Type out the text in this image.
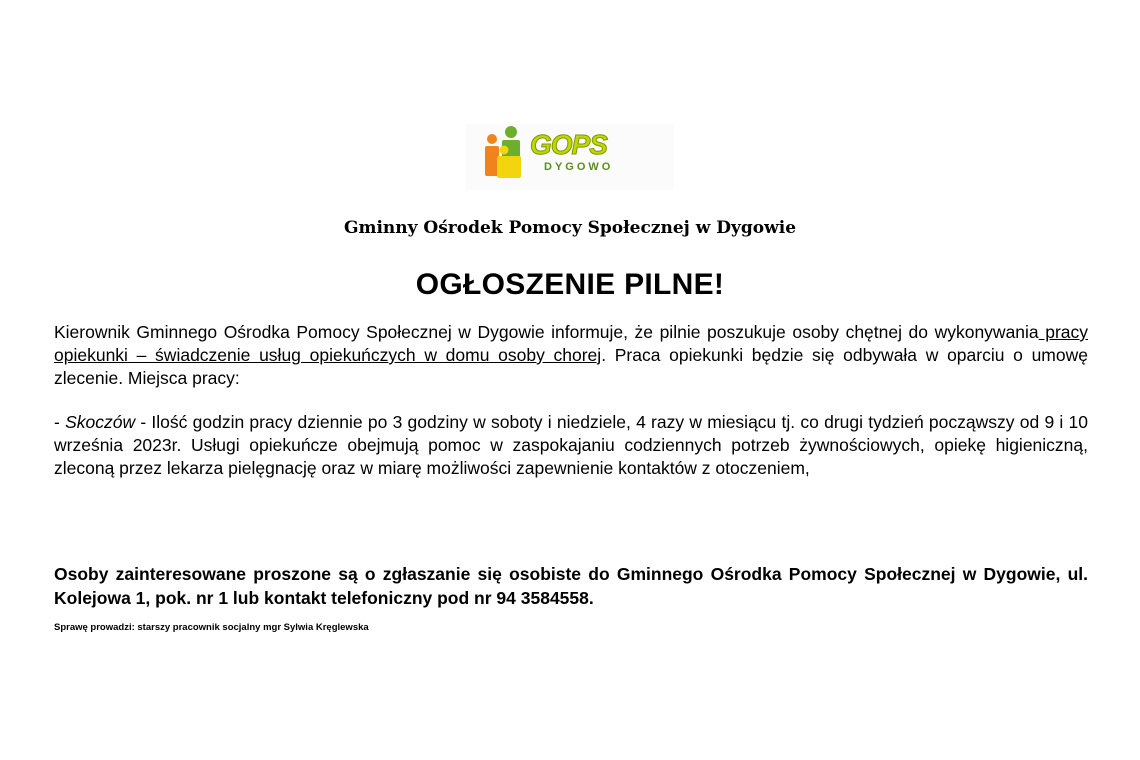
GOPS
DYGOWO
Gminny Ośrodek Pomocy Społecznej w Dygowie
OGŁOSZENIE PILNE!
Kierownik Gminnego Ośrodka Pomocy Społecznej w Dygowie informuje, że pilnie poszukuje osoby chętnej do wykonywania pracy opiekunki – świadczenie usług opiekuńczych w domu osoby chorej. Praca opiekunki będzie się odbywała w oparciu o umowę zlecenie. Miejsca pracy:
- Skoczów - Ilość godzin pracy dziennie po 3 godziny w soboty i niedziele, 4 razy w miesiącu tj. co drugi tydzień począwszy od 9 i 10 września 2023r. Usługi opiekuńcze obejmują pomoc w zaspokajaniu codziennych potrzeb żywnościowych, opiekę higieniczną, zleconą przez lekarza pielęgnację oraz w miarę możliwości zapewnienie kontaktów z otoczeniem,
Osoby zainteresowane proszone są o zgłaszanie się osobiste do Gminnego Ośrodka Pomocy Społecznej w Dygowie, ul. Kolejowa 1, pok. nr 1 lub kontakt telefoniczny pod nr 94 3584558.
Sprawę prowadzi: starszy pracownik socjalny mgr Sylwia Kręglewska
